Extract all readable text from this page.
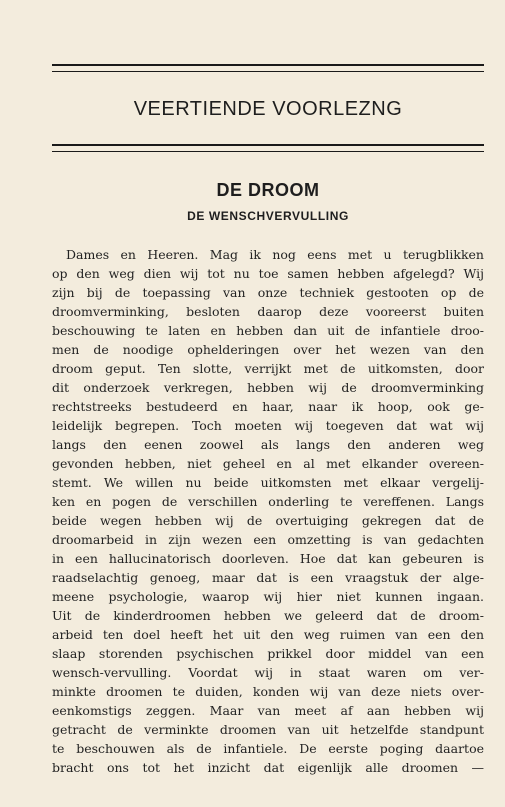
VEERTIENDE VOORLEZNG
DE DROOM
DE WENSCHVERVULLING
Dames en Heeren. Mag ik nog eens met u terugblikken
op den weg dien wij tot nu toe samen hebben afgelegd? Wij
zijn bij de toepassing van onze techniek gestooten op de
droomverminking, besloten daarop deze vooreerst buiten
beschouwing te laten en hebben dan uit de infantiele droo-
men de noodige ophelderingen over het wezen van den
droom geput. Ten slotte, verrijkt met de uitkomsten, door
dit onderzoek verkregen, hebben wij de droomverminking
rechtstreeks bestudeerd en haar, naar ik hoop, ook ge-
leidelijk begrepen. Toch moeten wij toegeven dat wat wij
langs den eenen zoowel als langs den anderen weg
gevonden hebben, niet geheel en al met elkander overeen-
stemt. We willen nu beide uitkomsten met elkaar vergelij-
ken en pogen de verschillen onderling te vereffenen. Langs
beide wegen hebben wij de overtuiging gekregen dat de
droomarbeid in zijn wezen een omzetting is van gedachten
in een hallucinatorisch doorleven. Hoe dat kan gebeuren is
raadselachtig genoeg, maar dat is een vraagstuk der alge-
meene psychologie, waarop wij hier niet kunnen ingaan.
Uit de kinderdroomen hebben we geleerd dat de droom-
arbeid ten doel heeft het uit den weg ruimen van een den
slaap storenden psychischen prikkel door middel van een
wensch-vervulling. Voordat wij in staat waren om ver-
minkte droomen te duiden, konden wij van deze niets over-
eenkomstigs zeggen. Maar van meet af aan hebben wij
getracht de verminkte droomen van uit hetzelfde standpunt
te beschouwen als de infantiele. De eerste poging daartoe
bracht ons tot het inzicht dat eigenlijk alle droomen —
